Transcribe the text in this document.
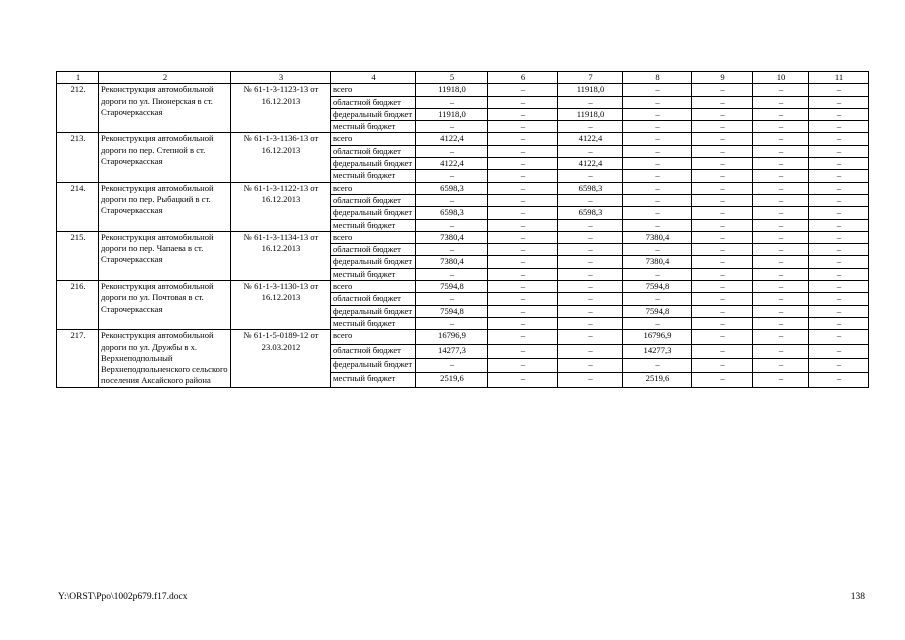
1	2	3	4	5	6	7	8	9	10	11
212.	Реконструкция автомобильной дороги по ул. Пионерская в ст. Старочеркасская	№ 61-1-3-1123-13 от 16.12.2013	всего	11918,0	–	11918,0	–	–	–	–
			областной бюджет	–	–	–	–	–	–	–
			федеральный бюджет	11918,0	–	11918,0	–	–	–	–
			местный бюджет	–	–	–	–	–	–	–
213.	Реконструкция автомобильной дороги по пер. Степной в ст. Старочеркасская	№ 61-1-3-1136-13 от 16.12.2013	всего	4122,4	–	4122,4	–	–	–	–
			областной бюджет	–	–	–	–	–	–	–
			федеральный бюджет	4122,4	–	4122,4	–	–	–	–
			местный бюджет	–	–	–	–	–	–	–
214.	Реконструкция автомобильной дороги по пер. Рыбацкий в ст. Старочеркасская	№ 61-1-3-1122-13 от 16.12.2013	всего	6598,3	–	6598,3	–	–	–	–
			областной бюджет	–	–	–	–	–	–	–
			федеральный бюджет	6598,3	–	6598,3	–	–	–	–
			местный бюджет	–	–	–	–	–	–	–
215.	Реконструкция автомобильной дороги по пер. Чапаева в ст. Старочеркасская	№ 61-1-3-1134-13 от 16.12.2013	всего	7380,4	–	–	7380,4	–	–	–
			областной бюджет	–	–	–	–	–	–	–
			федеральный бюджет	7380,4	–	–	7380,4	–	–	–
			местный бюджет	–	–	–	–	–	–	–
216.	Реконструкция автомобильной дороги по ул. Почтовая в ст. Старочеркасская	№ 61-1-3-1130-13 от 16.12.2013	всего	7594,8	–	–	7594,8	–	–	–
			областной бюджет	–	–	–	–	–	–	–
			федеральный бюджет	7594,8	–	–	7594,8	–	–	–
			местный бюджет	–	–	–	–	–	–	–
217.	Реконструкция автомобильной дороги по ул. Дружбы в х. Верхнеподпольный Верхнеподпольненского сельского поселения Аксайского района	№ 61-1-5-0189-12 от 23.03.2012	всего	16796,9	–	–	16796,9	–	–	–
			областной бюджет	14277,3	–	–	14277,3	–	–	–
			федеральный бюджет	–	–	–	–	–	–	–
			местный бюджет	2519,6	–	–	2519,6	–	–	–
Y:\ORST\Ppo\1002p679.f17.docx	138
